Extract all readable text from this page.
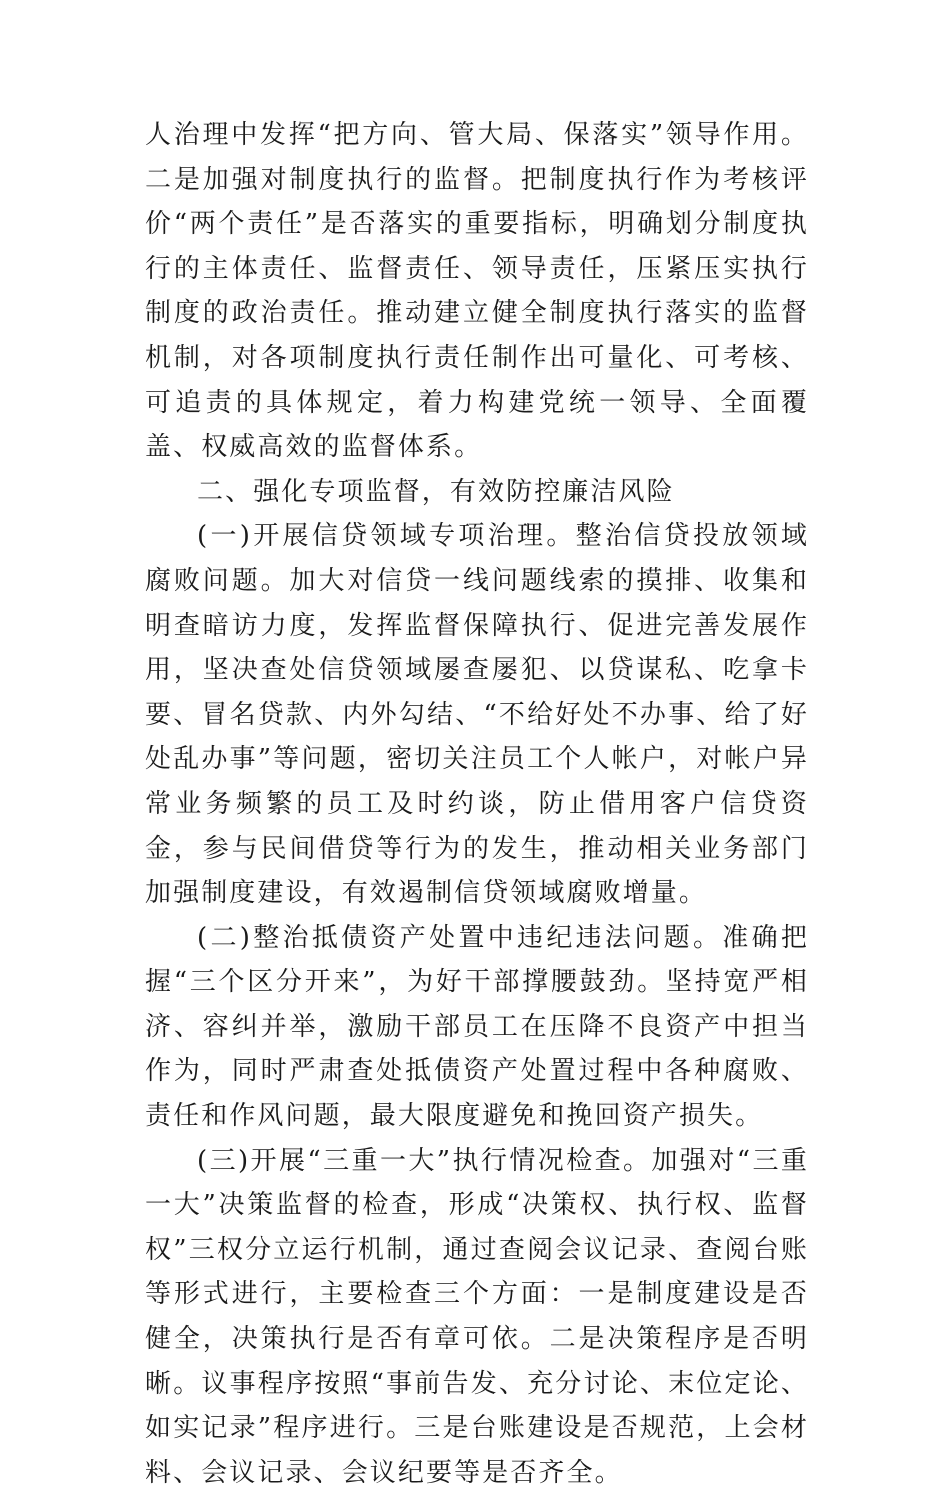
人治理中发挥“把方向、管大局、保落实”领导作用。二是加强对制度执行的监督。把制度执行作为考核评价“两个责任”是否落实的重要指标，明确划分制度执行的主体责任、监督责任、领导责任，压紧压实执行制度的政治责任。推动建立健全制度执行落实的监督机制，对各项制度执行责任制作出可量化、可考核、可追责的具体规定，着力构建党统一领导、全面覆盖、权威高效的监督体系。

二、强化专项监督，有效防控廉洁风险

(一)开展信贷领域专项治理。整治信贷投放领域腐败问题。加大对信贷一线问题线索的摸排、收集和明查暗访力度，发挥监督保障执行、促进完善发展作用，坚决查处信贷领域屡查屡犯、以贷谋私、吃拿卡要、冒名贷款、内外勾结、“不给好处不办事、给了好处乱办事”等问题，密切关注员工个人帐户，对帐户异常业务频繁的员工及时约谈，防止借用客户信贷资金，参与民间借贷等行为的发生，推动相关业务部门加强制度建设，有效遏制信贷领域腐败增量。

(二)整治抵债资产处置中违纪违法问题。准确把握“三个区分开来”，为好干部撑腰鼓劲。坚持宽严相济、容纠并举，激励干部员工在压降不良资产中担当作为，同时严肃查处抵债资产处置过程中各种腐败、责任和作风问题，最大限度避免和挽回资产损失。

(三)开展“三重一大”执行情况检查。加强对“三重一大”决策监督的检查，形成“决策权、执行权、监督权”三权分立运行机制，通过查阅会议记录、查阅台账等形式进行，主要检查三个方面：一是制度建设是否健全，决策执行是否有章可依。二是决策程序是否明晰。议事程序按照“事前告发、充分讨论、末位定论、如实记录”程序进行。三是台账建设是否规范，上会材料、会议记录、会议纪要等是否齐全。
